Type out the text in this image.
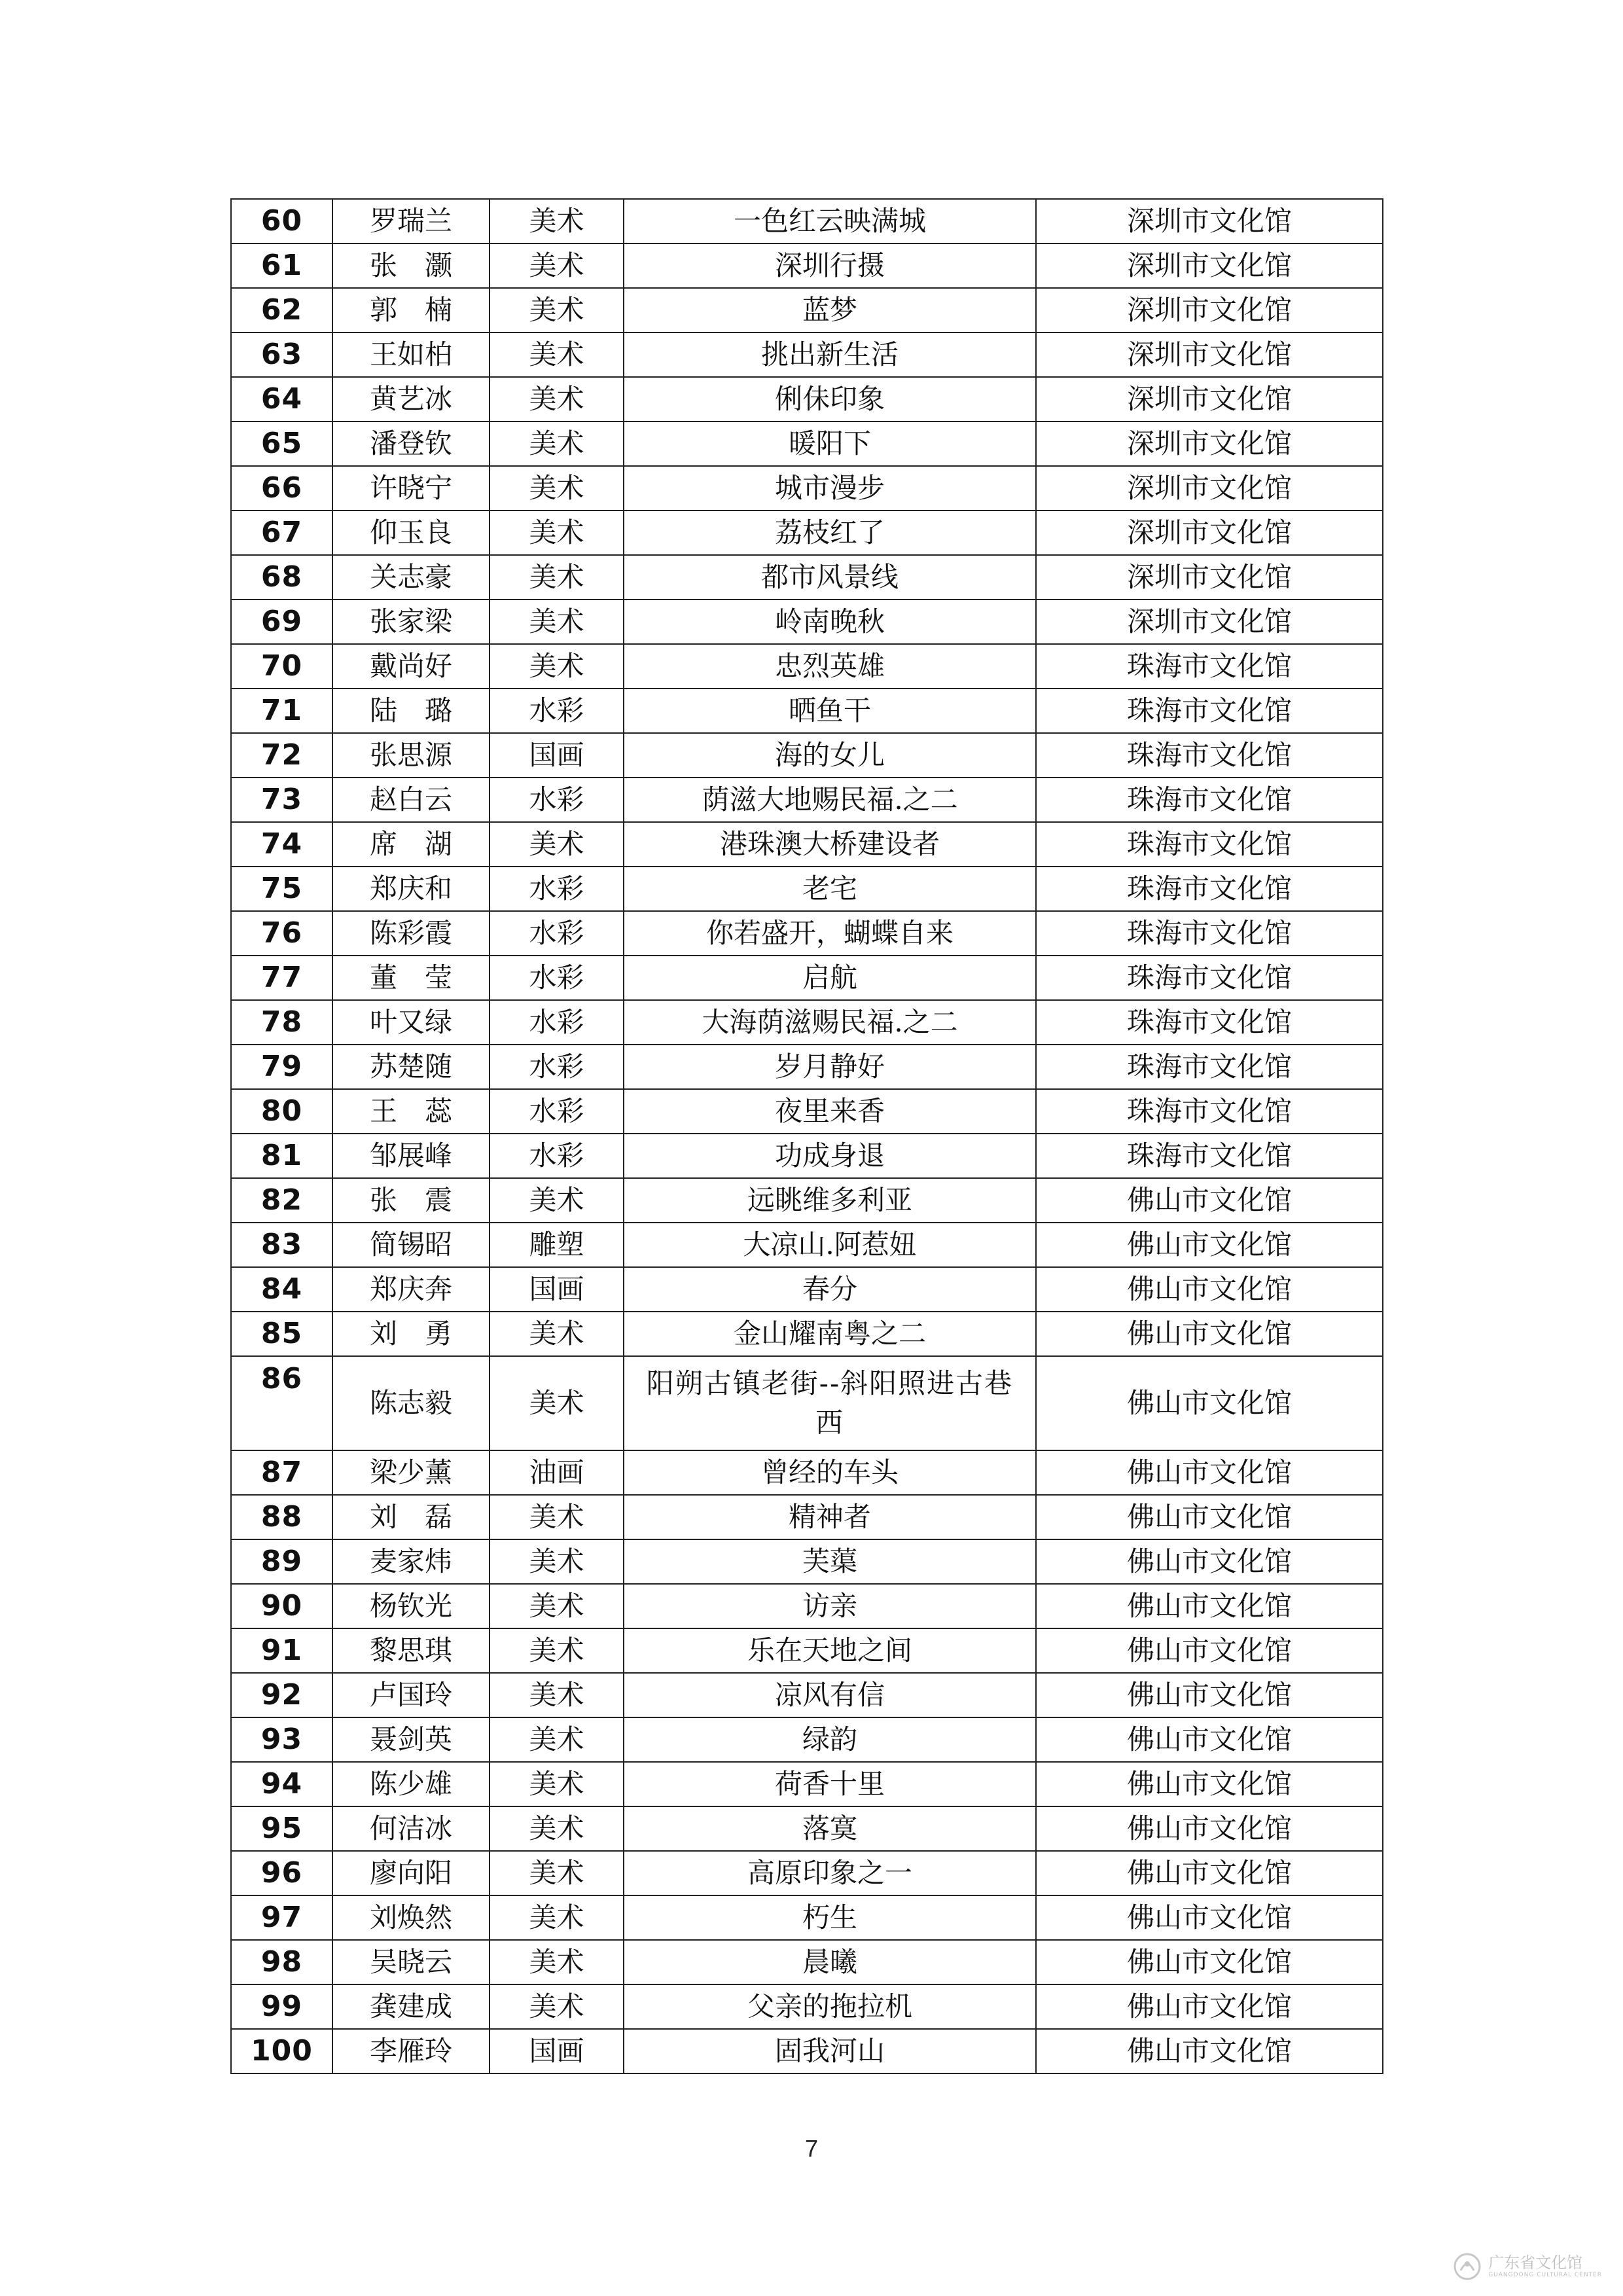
60	罗瑞兰	美术	一色红云映满城	深圳市文化馆
61	张　灏	美术	深圳行摄	深圳市文化馆
62	郭　楠	美术	蓝梦	深圳市文化馆
63	王如柏	美术	挑出新生活	深圳市文化馆
64	黄艺冰	美术	俐佅印象	深圳市文化馆
65	潘登钦	美术	暖阳下	深圳市文化馆
66	许晓宁	美术	城市漫步	深圳市文化馆
67	仰玉良	美术	荔枝红了	深圳市文化馆
68	关志豪	美术	都市风景线	深圳市文化馆
69	张家梁	美术	岭南晚秋	深圳市文化馆
70	戴尚好	美术	忠烈英雄	珠海市文化馆
71	陆　璐	水彩	晒鱼干	珠海市文化馆
72	张思源	国画	海的女儿	珠海市文化馆
73	赵白云	水彩	荫滋大地赐民福.之二	珠海市文化馆
74	席　湖	美术	港珠澳大桥建设者	珠海市文化馆
75	郑庆和	水彩	老宅	珠海市文化馆
76	陈彩霞	水彩	你若盛开，蝴蝶自来	珠海市文化馆
77	董　莹	水彩	启航	珠海市文化馆
78	叶又绿	水彩	大海荫滋赐民福.之二	珠海市文化馆
79	苏楚随	水彩	岁月静好	珠海市文化馆
80	王　蕊	水彩	夜里来香	珠海市文化馆
81	邹展峰	水彩	功成身退	珠海市文化馆
82	张　震	美术	远眺维多利亚	佛山市文化馆
83	简锡昭	雕塑	大凉山.阿惹妞	佛山市文化馆
84	郑庆奔	国画	春分	佛山市文化馆
85	刘　勇	美术	金山耀南粤之二	佛山市文化馆
86	陈志毅	美术	阳朔古镇老街--斜阳照进古巷西	佛山市文化馆
87	梁少薰	油画	曾经的车头	佛山市文化馆
88	刘　磊	美术	精神者	佛山市文化馆
89	麦家炜	美术	芙蕖	佛山市文化馆
90	杨钦光	美术	访亲	佛山市文化馆
91	黎思琪	美术	乐在天地之间	佛山市文化馆
92	卢国玲	美术	凉风有信	佛山市文化馆
93	聂剑英	美术	绿韵	佛山市文化馆
94	陈少雄	美术	荷香十里	佛山市文化馆
95	何洁冰	美术	落寞	佛山市文化馆
96	廖向阳	美术	高原印象之一	佛山市文化馆
97	刘焕然	美术	朽生	佛山市文化馆
98	吴晓云	美术	晨曦	佛山市文化馆
99	龚建成	美术	父亲的拖拉机	佛山市文化馆
100	李雁玲	国画	固我河山	佛山市文化馆
7
广东省文化馆
GUANGDONG CULTURAL CENTER
